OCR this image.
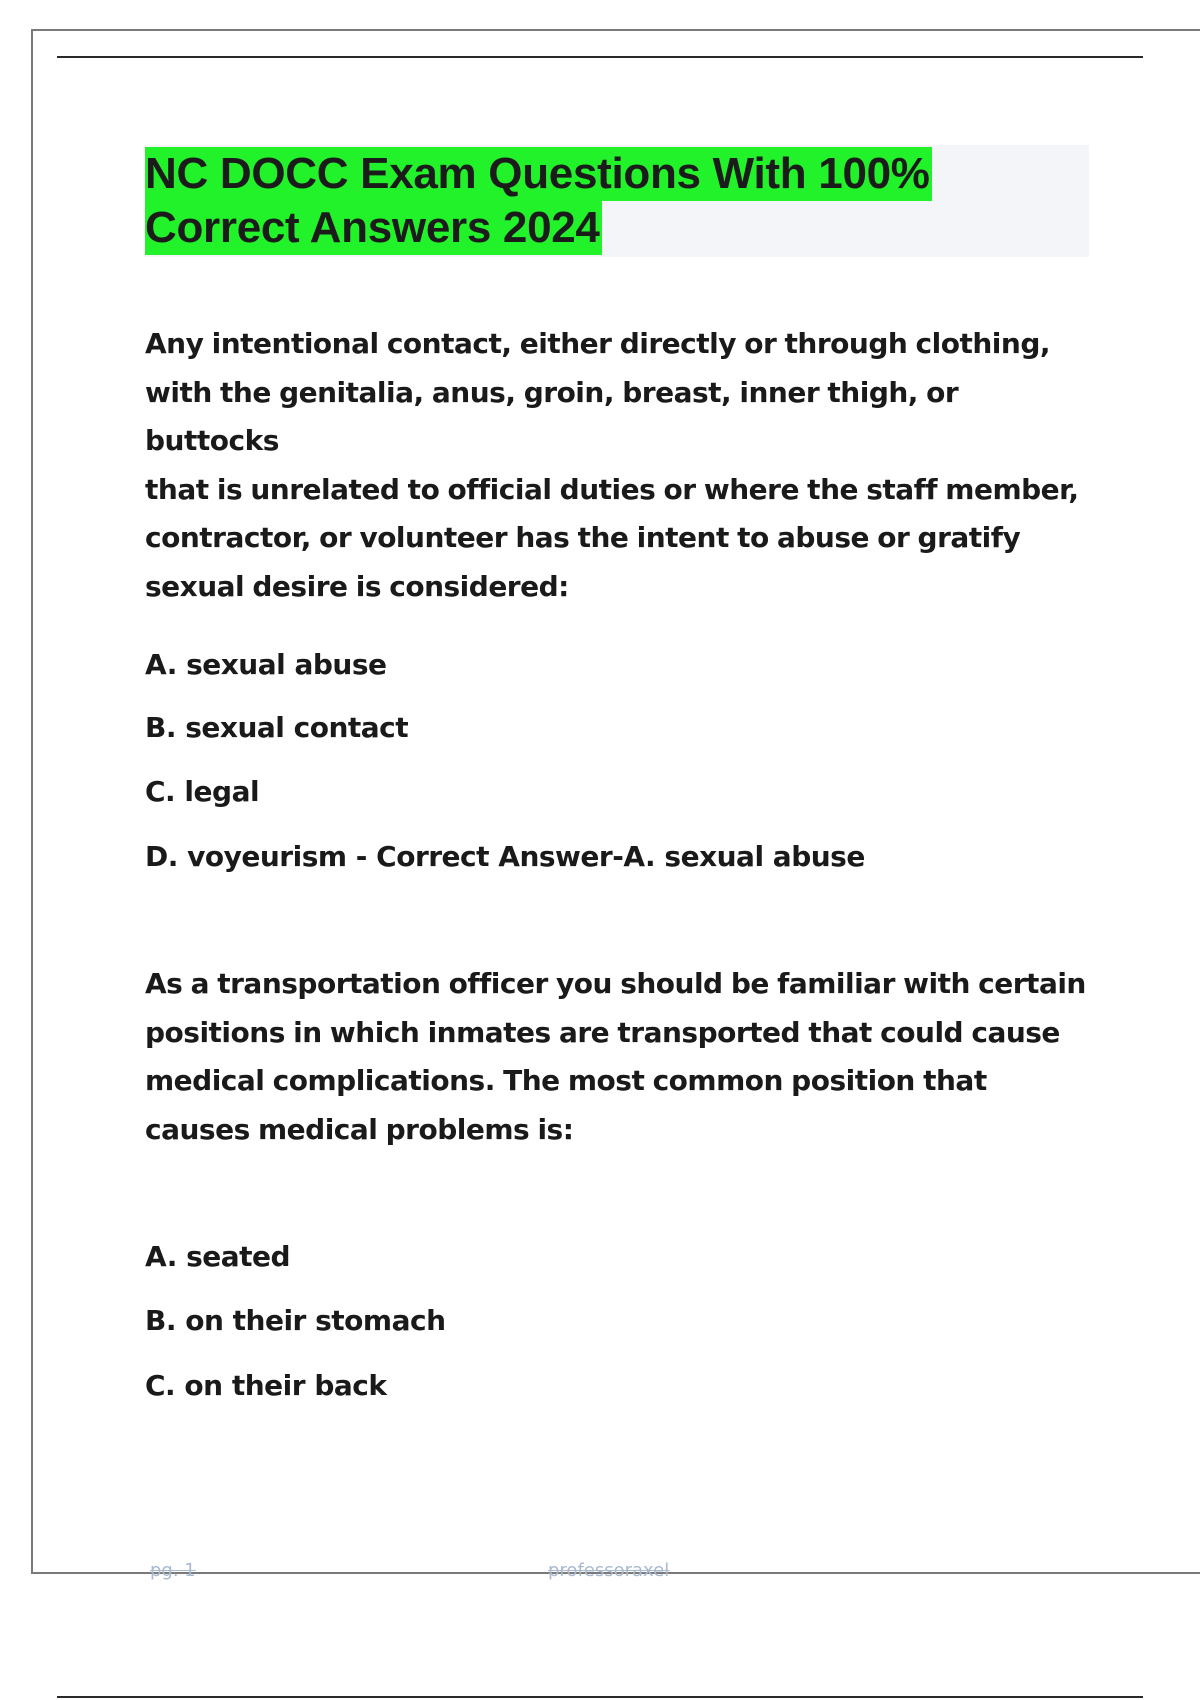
NC DOCC Exam Questions With 100%
Correct Answers 2024
Any intentional contact, either directly or through clothing,
with the genitalia, anus, groin, breast, inner thigh, or buttocks
that is unrelated to official duties or where the staff member,
contractor, or volunteer has the intent to abuse or gratify
sexual desire is considered:
A. sexual abuse
B. sexual contact
C. legal
D. voyeurism - Correct Answer-A. sexual abuse
As a transportation officer you should be familiar with certain
positions in which inmates are transported that could cause
medical complications. The most common position that
causes medical problems is:
A. seated
B. on their stomach
C. on their back
pg. 1	professoraxel
